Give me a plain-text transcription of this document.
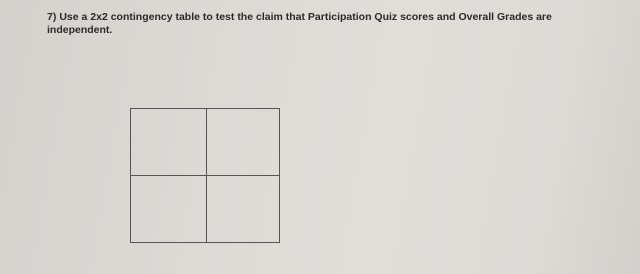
7) Use a 2x2 contingency table to test the claim that Participation Quiz scores and Overall Grades are independent.
